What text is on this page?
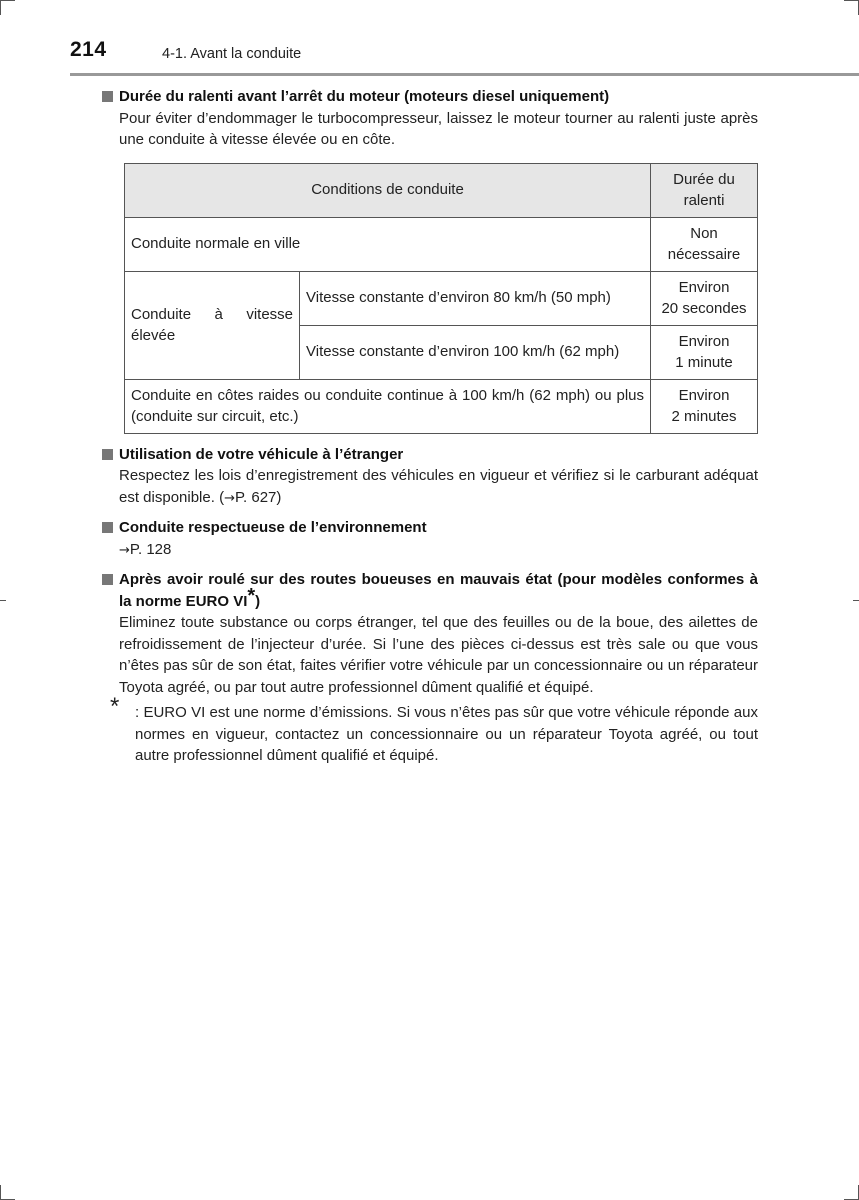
214	4-1. Avant la conduite
Durée du ralenti avant l’arrêt du moteur (moteurs diesel uniquement)
Pour éviter d’endommager le turbocompresseur, laissez le moteur tourner au ralenti juste après une conduite à vitesse élevée ou en côte.
Conditions de conduite		Durée du ralenti
Conduite normale en ville		Non nécessaire
Conduite à vitesse élevée	Vitesse constante d’environ 80 km/h (50 mph)	Environ
20 secondes

	Vitesse constante d’environ 100 km/h (62 mph)	Environ
1 minute

Conduite en côtes raides ou conduite continue à 100 km/h (62 mph) ou plus (conduite sur circuit, etc.)		Environ
2 minutes
Utilisation de votre véhicule à l’étranger
Respectez les lois d’enregistrement des véhicules en vigueur et vérifiez si le carburant adéquat est disponible. (→P. 627)
Conduite respectueuse de l’environnement
→P. 128
Après avoir roulé sur des routes boueuses en mauvais état (pour modèles conformes à la norme EURO VI*)
Eliminez toute substance ou corps étranger, tel que des feuilles ou de la boue, des ailettes de refroidissement de l’injecteur d’urée. Si l’une des pièces ci-dessus est très sale ou que vous n’êtes pas sûr de son état, faites vérifier votre véhicule par un concessionnaire ou un réparateur Toyota agréé, ou par tout autre professionnel dûment qualifié et équipé.
* : EURO VI est une norme d’émissions. Si vous n’êtes pas sûr que votre véhicule réponde aux normes en vigueur, contactez un concessionnaire ou un réparateur Toyota agréé, ou tout autre professionnel dûment qualifié et équipé.
